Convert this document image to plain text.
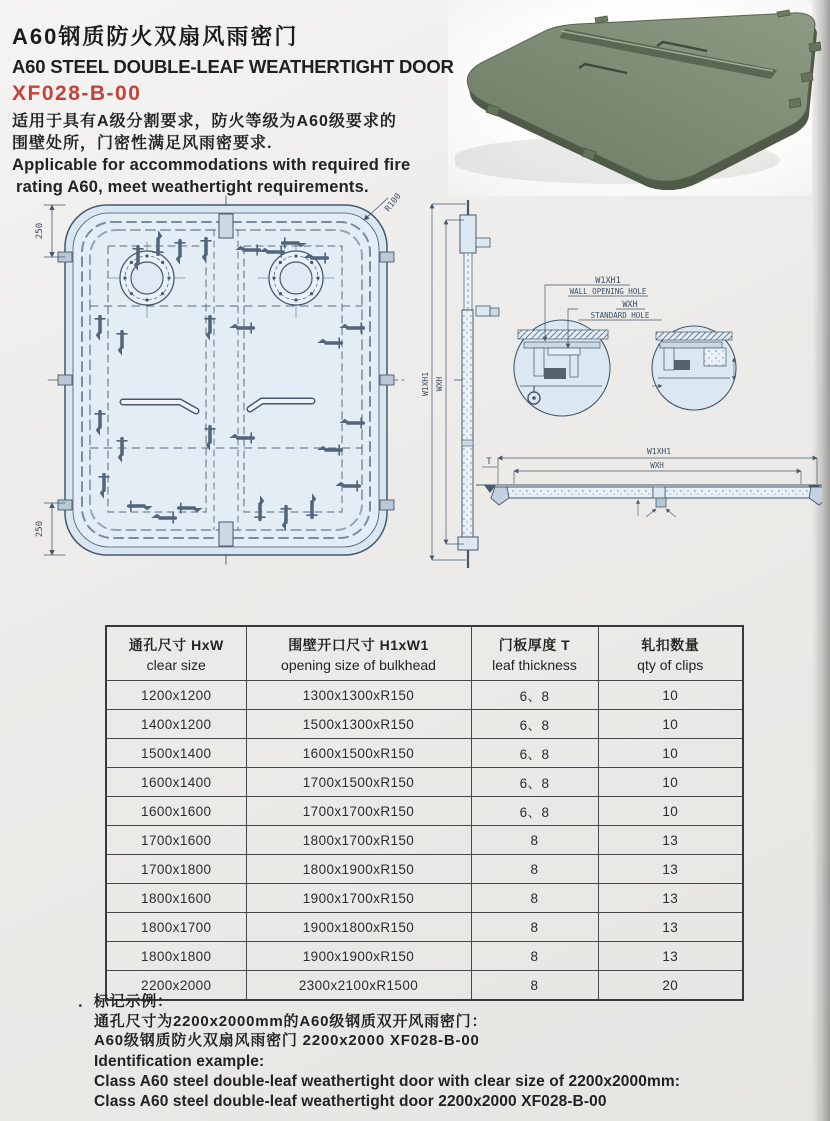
A60钢质防火双扇风雨密门
A60 STEEL DOUBLE-LEAF WEATHERTIGHT DOOR
XF028-B-00

适用于具有A级分割要求，防火等级为A60级要求的

围壁处所，门密性满足风雨密要求.

Applicable for accommodations with required fire

rating A60, meet weathertight requirements.

250
250
R100
W1XH1 WXH
W1XH1
WALL OPENING HOLE
WXH
STANDARD HOLE
W1XH1
WXH
T
通孔尺寸 HxW
clear size

围壁开口尺寸 H1xW1
opening size of bulkhead

门板厚度 T
leaf thickness

轧扣数量
qty of clips

1200x1200	1300x1300xR150	6、8	10
1400x1200	1500x1300xR150	6、8	10
1500x1400	1600x1500xR150	6、8	10
1600x1400	1700x1500xR150	6、8	10
1600x1600	1700x1700xR150	6、8	10
1700x1600	1800x1700xR150	8	13
1700x1800	1800x1900xR150	8	13
1800x1600	1900x1700xR150	8	13
1800x1700	1900x1800xR150	8	13
1800x1800	1900x1900xR150	8	13
2200x2000	2300x2100xR1500	8	20

．标记示例：

通孔尺寸为2200x2000mm的A60级钢质双开风雨密门：

A60级钢质防火双扇风雨密门 2200x2000 XF028-B-00

Identification example:

Class A60 steel double-leaf weathertight door with clear size of 2200x2000mm:

Class A60 steel double-leaf weathertight door 2200x2000 XF028-B-00
